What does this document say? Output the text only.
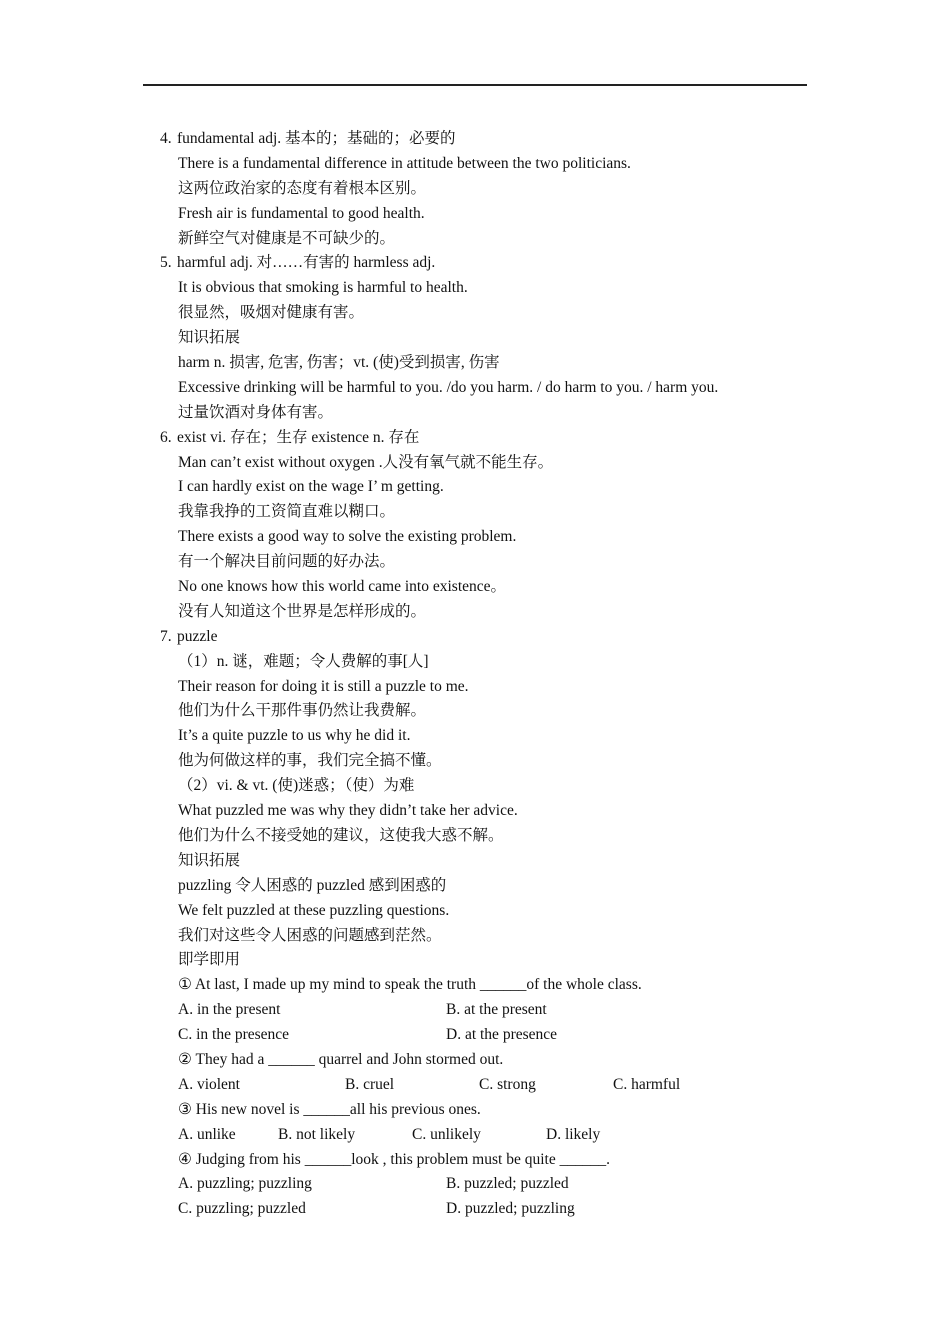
4. fundamental adj. 基本的；基础的；必要的
There is a fundamental difference in attitude between the two politicians.
这两位政治家的态度有着根本区别。
Fresh air is fundamental to good health.
新鲜空气对健康是不可缺少的。
5. harmful adj. 对……有害的 harmless adj.
It is obvious that smoking is harmful to health.
很显然，吸烟对健康有害。
知识拓展
harm n. 损害, 危害, 伤害；vt. (使)受到损害, 伤害
Excessive drinking will be harmful to you. /do you harm. / do harm to you. / harm you.
过量饮酒对身体有害。
6. exist vi. 存在；生存 existence n. 存在
Man can’t exist without oxygen .人没有氧气就不能生存。
I can hardly exist on the wage I’ m getting.
我靠我挣的工资简直难以糊口。
There exists a good way to solve the existing problem.
有一个解决目前问题的好办法。
No one knows how this world came into existence。
没有人知道这个世界是怎样形成的。
7. puzzle
（1）n. 谜，难题；令人费解的事[人]
Their reason for doing it is still a puzzle to me.
他们为什么干那件事仍然让我费解。
It’s a quite puzzle to us why he did it.
他为何做这样的事，我们完全搞不懂。
（2）vi. & vt. (使)迷惑；（使）为难
What puzzled me was why they didn’t take her advice.
他们为什么不接受她的建议，这使我大惑不解。
知识拓展
puzzling 令人困惑的 puzzled 感到困惑的
We felt puzzled at these puzzling questions.
我们对这些令人困惑的问题感到茫然。
即学即用
① At last, I made up my mind to speak the truth ______of the whole class.
A. in the present	B. at the present
C. in the presence	D. at the presence
② They had a ______ quarrel and John stormed out.
A. violent	B. cruel	C. strong	C. harmful
③ His new novel is ______all his previous ones.
A. unlike	B. not likely	C. unlikely	D. likely
④ Judging from his ______look , this problem must be quite ______.
A. puzzling; puzzling	B. puzzled; puzzled
C. puzzling; puzzled	D. puzzled; puzzling
